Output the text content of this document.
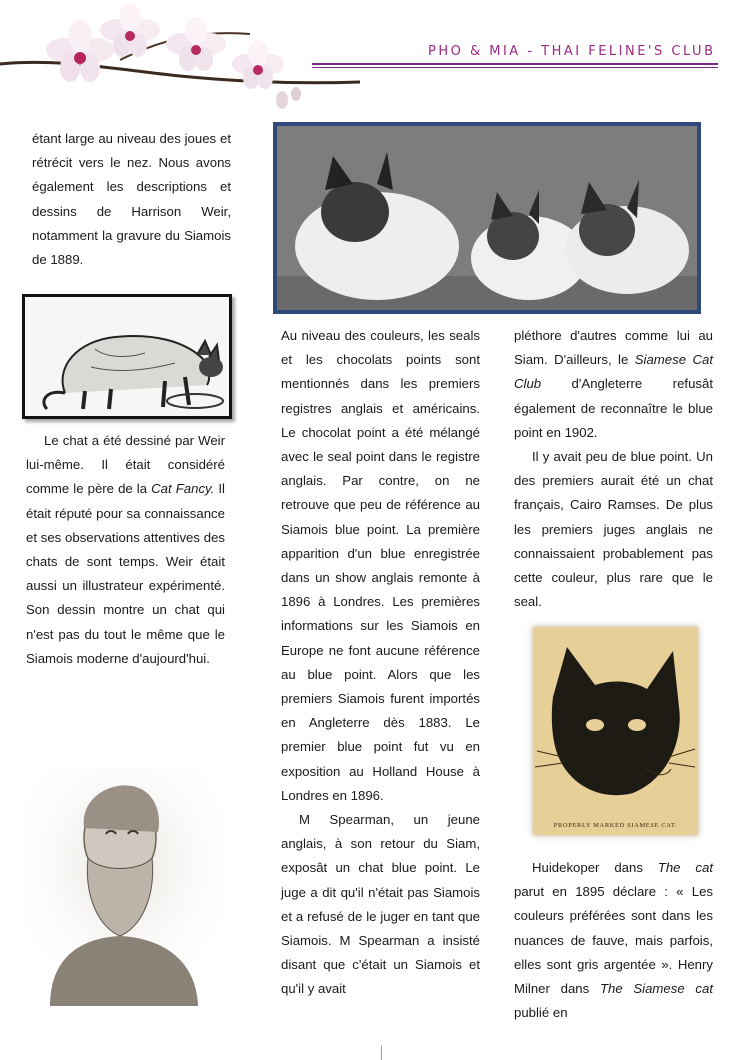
PHO & MIA - THAI FELINE'S CLUB

étant large au niveau des joues et rétrécit vers le nez. Nous avons également les descriptions et dessins de Harrison Weir, notamment la gravure du Siamois de 1889.

Le chat a été dessiné par Weir lui-même. Il était considéré comme le père de la Cat Fancy. Il était réputé pour sa connaissance et ses observations attentives des chats de sont temps. Weir était aussi un illustrateur expérimenté. Son dessin montre un chat qui n'est pas du tout le même que le Siamois moderne d'aujourd'hui.

Au niveau des couleurs, les seals et les chocolats points sont mentionnés dans les premiers registres anglais et américains. Le chocolat point a été mélangé avec le seal point dans le registre anglais. Par contre, on ne retrouve que peu de référence au Siamois blue point. La première apparition d'un blue enregistrée dans un show anglais remonte à 1896 à Londres. Les premières informations sur les Siamois en Europe ne font aucune référence au blue point. Alors que les premiers Siamois furent importés en Angleterre dès 1883. Le premier blue point fut vu en exposition au Holland House à Londres en 1896.

M Spearman, un jeune anglais, à son retour du Siam, exposât un chat blue point. Le juge a dit qu'il n'était pas Siamois et a refusé de le juger en tant que Siamois. M Spearman a insisté disant que c'était un Siamois et qu'il y avait

pléthore d'autres comme lui au Siam. D'ailleurs, le Siamese Cat Club d'Angleterre refusât également de reconnaître le blue point en 1902.

Il y avait peu de blue point. Un des premiers aurait été un chat français, Cairo Ramses. De plus les premiers juges anglais ne connaissaient probablement pas cette couleur, plus rare que le seal.

PROPERLY MARKED SIAMESE CAT.

Huidekoper dans The cat parut en 1895 déclare : « Les couleurs préférées sont dans les nuances de fauve, mais parfois, elles sont gris argentée ». Henry Milner dans The Siamese cat publié en
